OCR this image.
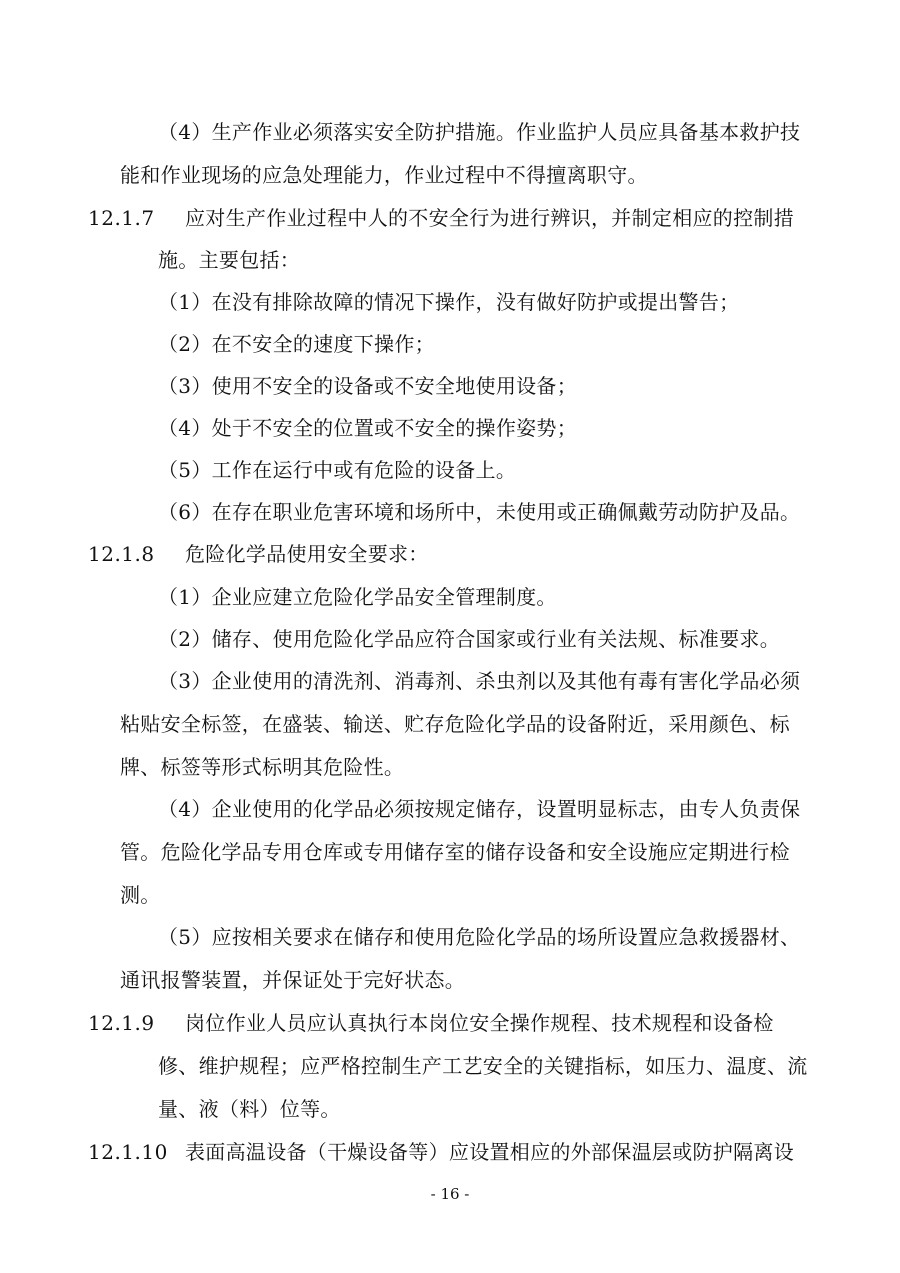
（4）生产作业必须落实安全防护措施。作业监护人员应具备基本救护技
能和作业现场的应急处理能力，作业过程中不得擅离职守。
12.1.7 应对生产作业过程中人的不安全行为进行辨识，并制定相应的控制措
施。主要包括：
（1）在没有排除故障的情况下操作，没有做好防护或提出警告；
（2）在不安全的速度下操作；
（3）使用不安全的设备或不安全地使用设备；
（4）处于不安全的位置或不安全的操作姿势；
（5）工作在运行中或有危险的设备上。
（6）在存在职业危害环境和场所中，未使用或正确佩戴劳动防护及品。
12.1.8 危险化学品使用安全要求：
（1）企业应建立危险化学品安全管理制度。
（2）储存、使用危险化学品应符合国家或行业有关法规、标准要求。
（3）企业使用的清洗剂、消毒剂、杀虫剂以及其他有毒有害化学品必须
粘贴安全标签，在盛装、输送、贮存危险化学品的设备附近，采用颜色、标
牌、标签等形式标明其危险性。
（4）企业使用的化学品必须按规定储存，设置明显标志，由专人负责保
管。危险化学品专用仓库或专用储存室的储存设备和安全设施应定期进行检
测。
（5）应按相关要求在储存和使用危险化学品的场所设置应急救援器材、
通讯报警装置，并保证处于完好状态。
12.1.9 岗位作业人员应认真执行本岗位安全操作规程、技术规程和设备检
修、维护规程；应严格控制生产工艺安全的关键指标，如压力、温度、流
量、液（料）位等。
12.1.10 表面高温设备（干燥设备等）应设置相应的外部保温层或防护隔离设
- 16 -
